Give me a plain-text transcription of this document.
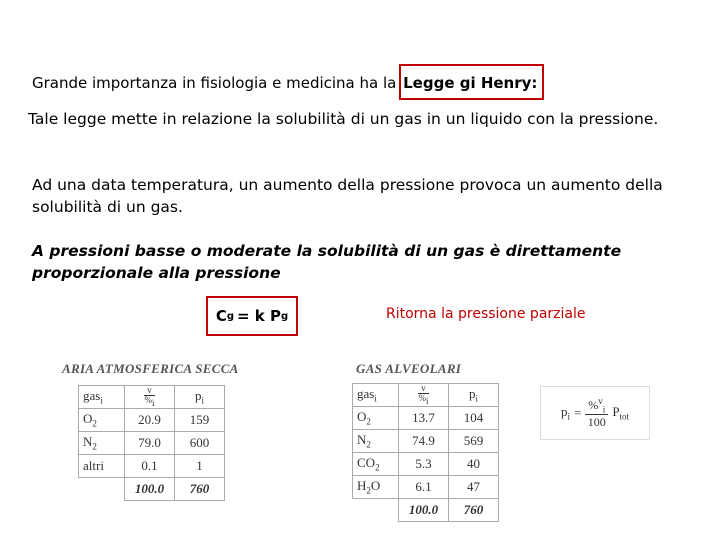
Grande importanza in fisiologia e medicina ha la Legge gi Henry:
Tale legge mette in relazione la solubilità di un gas in un liquido con la pressione.
Ad una data temperatura, un aumento della pressione provoca un aumento della solubilità di un gas.
A pressioni basse o moderate la solubilità di un gas è direttamente proporzionale alla pressione
C g = k P g	Ritorna la pressione parziale
ARIA ATMOSFERICA SECCA
gas$_i$	$\frac{v}{\%_i}$	$p_i$
$O_2$	20.9	159
$N_2$	79.0	600
altri	0.1	1
	100.0	760
GAS ALVEOLARI
gas$_i$	$\frac{v}{\%_i}$	$p_i$
$O_2$	13.7	104
$N_2$	74.9	569
$CO_2$	5.3	40
$H_2O$	6.1	47
	100.0	760
$p_i = \frac{\%^v_i}{100} P_{tot}$
